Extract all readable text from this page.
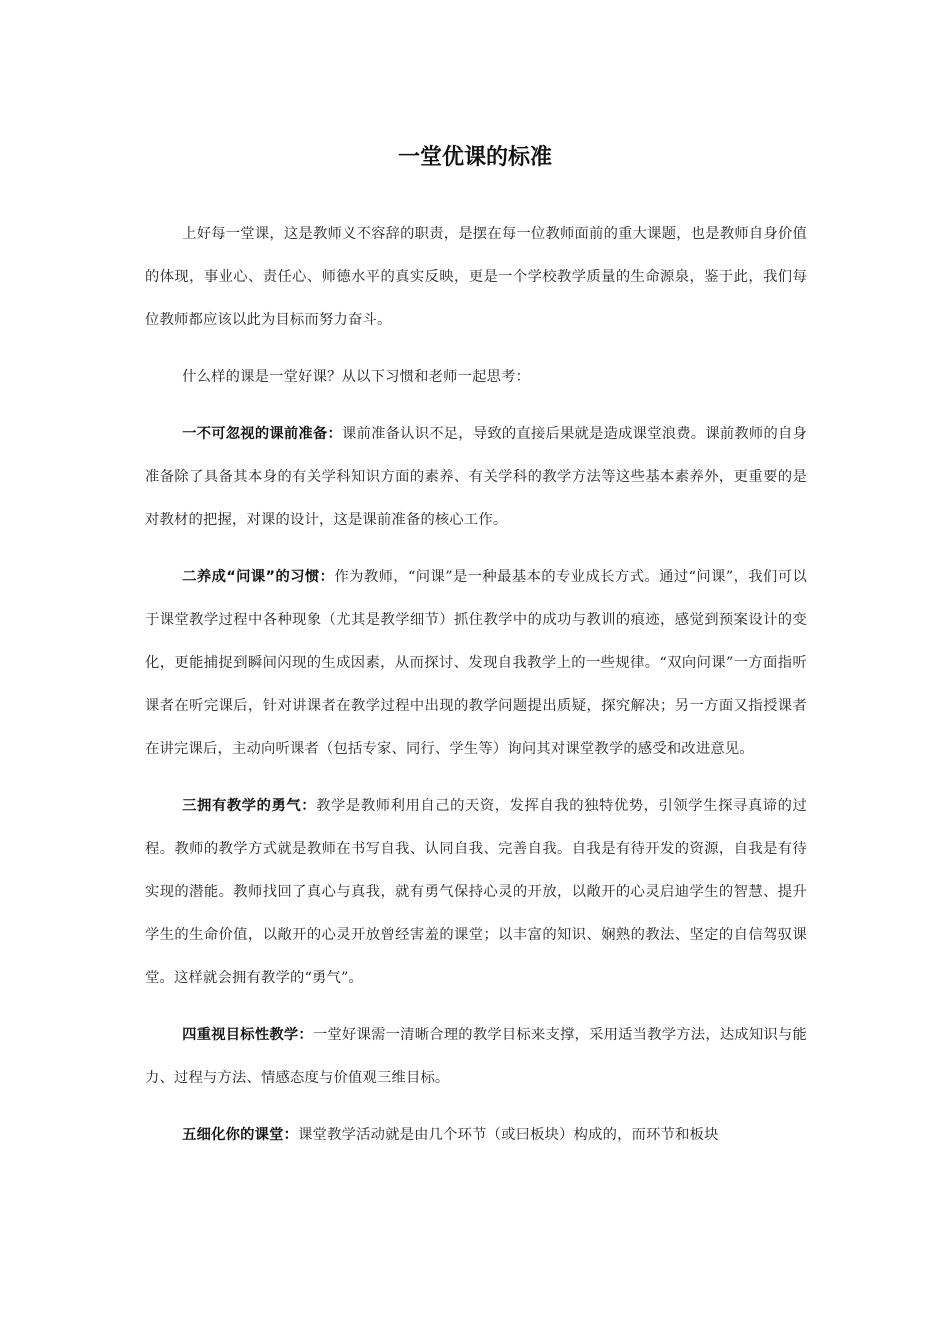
一堂优课的标准

上好每一堂课，这是教师义不容辞的职责，是摆在每一位教师面前的重大课题，也是教师自身价值的体现，事业心、责任心、师德水平的真实反映，更是一个学校教学质量的生命源泉，鉴于此，我们每位教师都应该以此为目标而努力奋斗。

什么样的课是一堂好课？从以下习惯和老师一起思考：

一不可忽视的课前准备：课前准备认识不足，导致的直接后果就是造成课堂浪费。课前教师的自身准备除了具备其本身的有关学科知识方面的素养、有关学科的教学方法等这些基本素养外，更重要的是对教材的把握，对课的设计，这是课前准备的核心工作。

二养成“问课”的习惯：作为教师，“问课”是一种最基本的专业成长方式。通过“问课”，我们可以于课堂教学过程中各种现象（尤其是教学细节）抓住教学中的成功与教训的痕迹，感觉到预案设计的变化，更能捕捉到瞬间闪现的生成因素，从而探讨、发现自我教学上的一些规律。“双向问课”一方面指听课者在听完课后，针对讲课者在教学过程中出现的教学问题提出质疑，探究解决；另一方面又指授课者在讲完课后，主动向听课者（包括专家、同行、学生等）询问其对课堂教学的感受和改进意见。

三拥有教学的勇气：教学是教师利用自己的天资，发挥自我的独特优势，引领学生探寻真谛的过程。教师的教学方式就是教师在书写自我、认同自我、完善自我。自我是有待开发的资源，自我是有待实现的潜能。教师找回了真心与真我，就有勇气保持心灵的开放，以敞开的心灵启迪学生的智慧、提升学生的生命价值，以敞开的心灵开放曾经害羞的课堂；以丰富的知识、娴熟的教法、坚定的自信驾驭课堂。这样就会拥有教学的“勇气”。

四重视目标性教学：一堂好课需一清晰合理的教学目标来支撑，采用适当教学方法，达成知识与能力、过程与方法、情感态度与价值观三维目标。

五细化你的课堂：课堂教学活动就是由几个环节（或曰板块）构成的，而环节和板块
